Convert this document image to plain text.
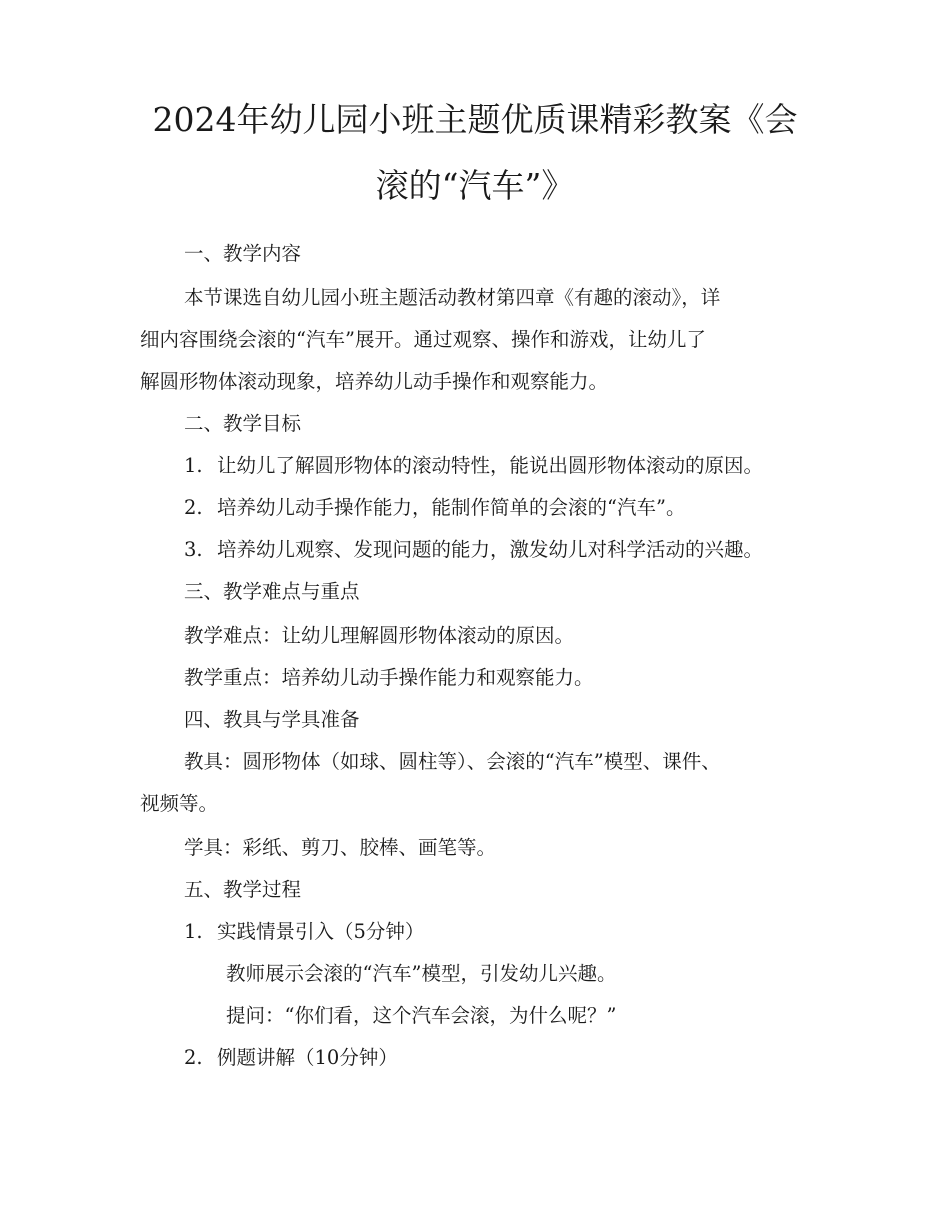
2024年幼儿园小班主题优质课精彩教案《会
滚的“汽车”》
一、教学内容
本节课选自幼儿园小班主题活动教材第四章《有趣的滚动》，详
细内容围绕会滚的“汽车”展开。通过观察、操作和游戏，让幼儿了
解圆形物体滚动现象，培养幼儿动手操作和观察能力。
二、教学目标
1. 让幼儿了解圆形物体的滚动特性，能说出圆形物体滚动的原因。
2. 培养幼儿动手操作能力，能制作简单的会滚的“汽车”。
3. 培养幼儿观察、发现问题的能力，激发幼儿对科学活动的兴趣。
三、教学难点与重点
教学难点：让幼儿理解圆形物体滚动的原因。
教学重点：培养幼儿动手操作能力和观察能力。
四、教具与学具准备
教具：圆形物体（如球、圆柱等）、会滚的“汽车”模型、课件、
视频等。
学具：彩纸、剪刀、胶棒、画笔等。
五、教学过程
1. 实践情景引入（5分钟）
教师展示会滚的“汽车”模型，引发幼儿兴趣。
提问：“你们看，这个汽车会滚，为什么呢？”
2. 例题讲解（10分钟）
